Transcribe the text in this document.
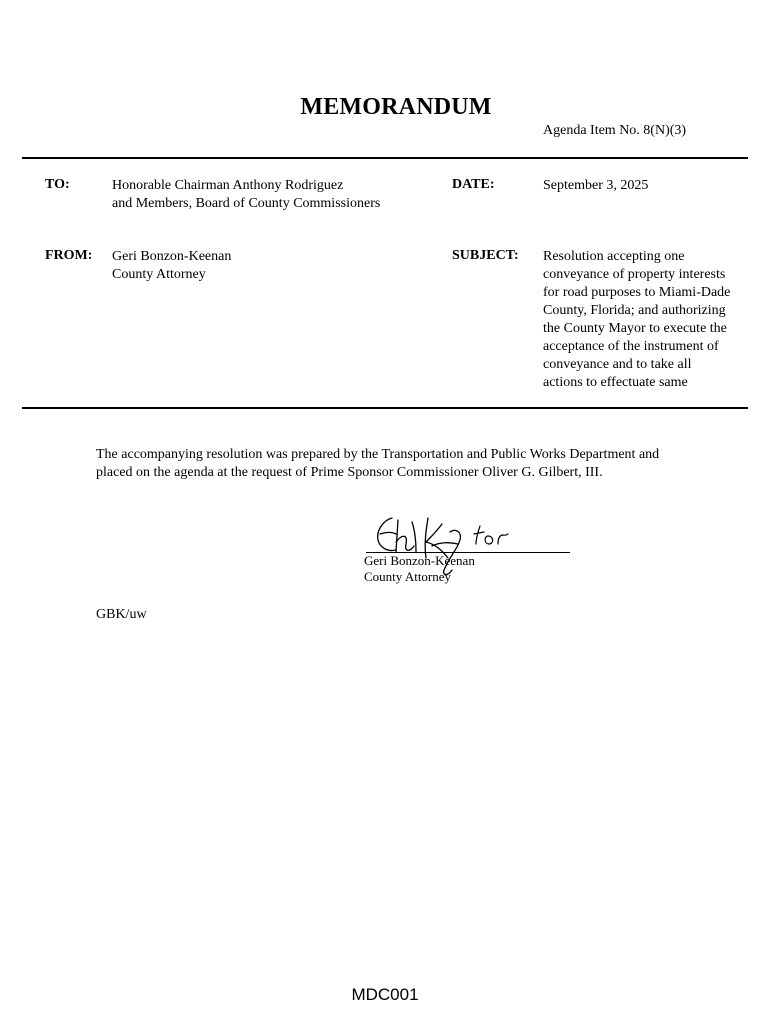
MEMORANDUM
Agenda Item No. 8(N)(3)
TO:	Honorable Chairman Anthony Rodriguez
and Members, Board of County Commissioners
DATE:	September 3, 2025
FROM: Geri Bonzon-Keenan
County Attorney
SUBJECT: Resolution accepting one
conveyance of property interests
for road purposes to Miami-Dade
County, Florida; and authorizing
the County Mayor to execute the
acceptance of the instrument of
conveyance and to take all
actions to effectuate same
The accompanying resolution was prepared by the Transportation and Public Works Department and
placed on the agenda at the request of Prime Sponsor Commissioner Oliver G. Gilbert, III.
Geri Bonzon-Keenan
County Attorney
GBK/uw
MDC001
